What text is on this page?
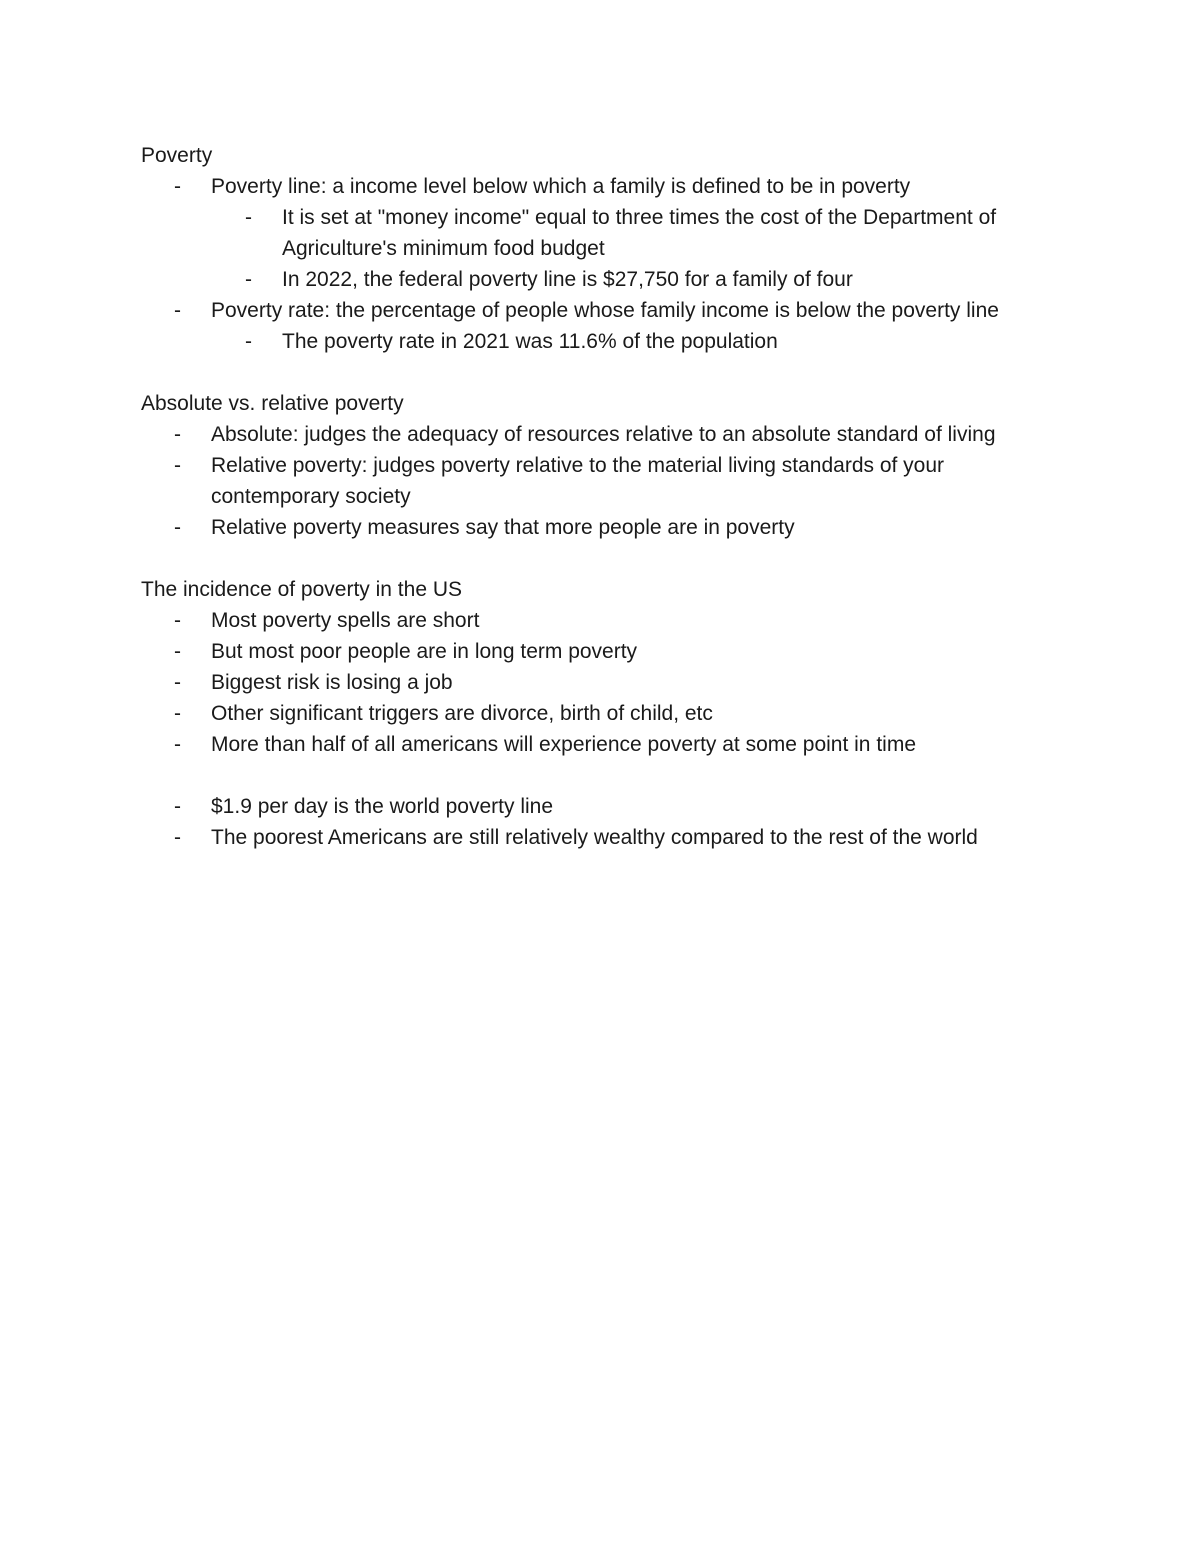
Poverty
-	Poverty line: a income level below which a family is defined to be in poverty
-	It is set at "money income" equal to three times the cost of the Department of Agriculture's minimum food budget
-	In 2022, the federal poverty line is $27,750 for a family of four
-	Poverty rate: the percentage of people whose family income is below the poverty line
-	The poverty rate in 2021 was 11.6% of the population
Absolute vs. relative poverty
-	Absolute: judges the adequacy of resources relative to an absolute standard of living
-	Relative poverty: judges poverty relative to the material living standards of your contemporary society
-	Relative poverty measures say that more people are in poverty
The incidence of poverty in the US
-	Most poverty spells are short
-	But most poor people are in long term poverty
-	Biggest risk is losing a job
-	Other significant triggers are divorce, birth of child, etc
-	More than half of all americans will experience poverty at some point in time
-	$1.9 per day is the world poverty line
-	The poorest Americans are still relatively wealthy compared to the rest of the world
